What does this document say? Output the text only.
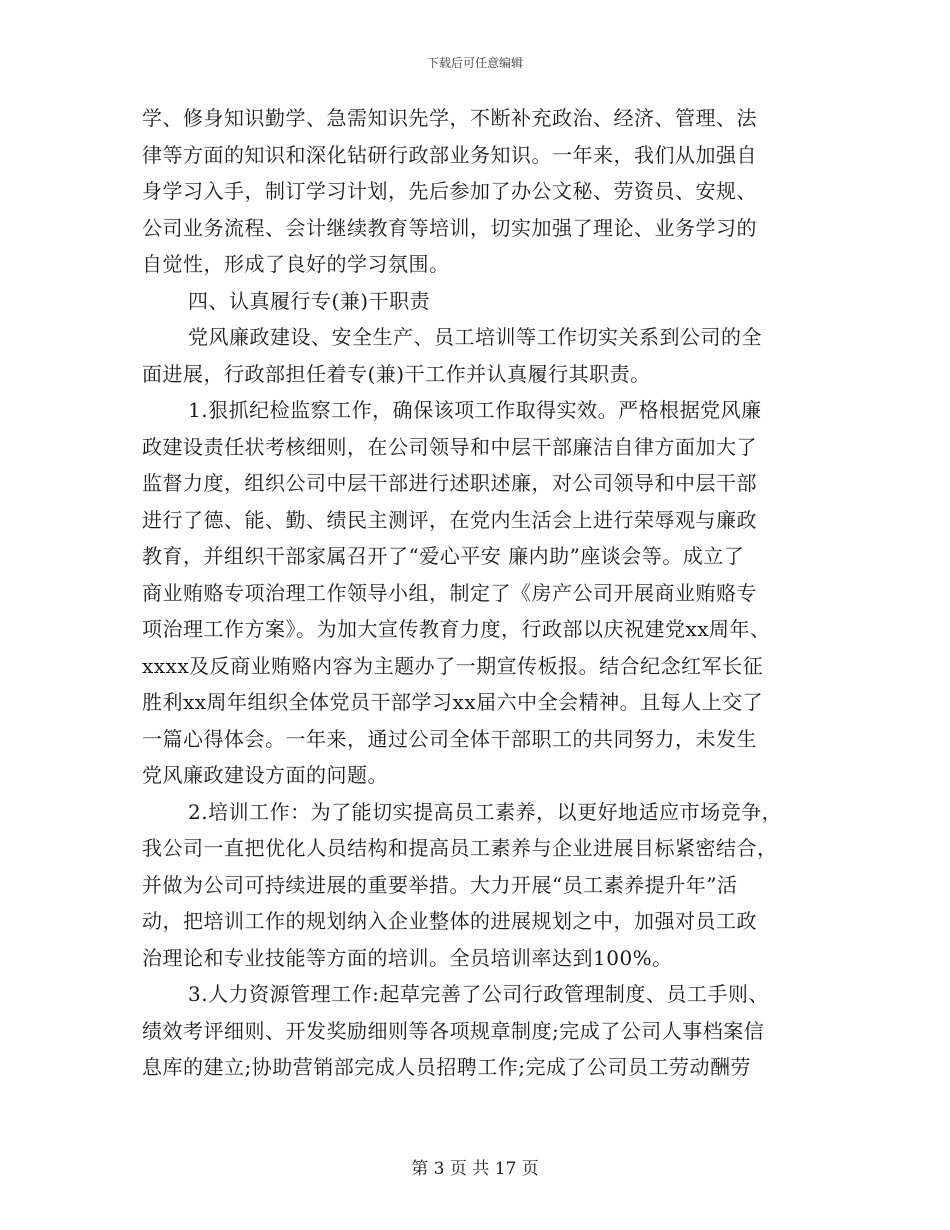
下载后可任意编辑
学、修身知识勤学、急需知识先学，不断补充政治、经济、管理、法
律等方面的知识和深化钻研行政部业务知识。一年来，我们从加强自
身学习入手，制订学习计划，先后参加了办公文秘、劳资员、安规、
公司业务流程、会计继续教育等培训，切实加强了理论、业务学习的
自觉性，形成了良好的学习氛围。
四、认真履行专(兼)干职责
党风廉政建设、安全生产、员工培训等工作切实关系到公司的全
面进展，行政部担任着专(兼)干工作并认真履行其职责。
1.狠抓纪检监察工作，确保该项工作取得实效。严格根据党风廉
政建设责任状考核细则，在公司领导和中层干部廉洁自律方面加大了
监督力度，组织公司中层干部进行述职述廉，对公司领导和中层干部
进行了德、能、勤、绩民主测评，在党内生活会上进行荣辱观与廉政
教育，并组织干部家属召开了“爱心平安 廉内助”座谈会等。成立了
商业贿赂专项治理工作领导小组，制定了《房产公司开展商业贿赂专
项治理工作方案》。为加大宣传教育力度，行政部以庆祝建党xx周年、
xxxx及反商业贿赂内容为主题办了一期宣传板报。结合纪念红军长征
胜利xx周年组织全体党员干部学习xx届六中全会精神。且每人上交了
一篇心得体会。一年来，通过公司全体干部职工的共同努力，未发生
党风廉政建设方面的问题。
2.培训工作：为了能切实提高员工素养，以更好地适应市场竞争，
我公司一直把优化人员结构和提高员工素养与企业进展目标紧密结合，
并做为公司可持续进展的重要举措。大力开展“员工素养提升年”活
动，把培训工作的规划纳入企业整体的进展规划之中，加强对员工政
治理论和专业技能等方面的培训。全员培训率达到100%。
3.人力资源管理工作:起草完善了公司行政管理制度、员工手则、
绩效考评细则、开发奖励细则等各项规章制度;完成了公司人事档案信
息库的建立;协助营销部完成人员招聘工作;完成了公司员工劳动酬劳
第 3 页 共 17 页
